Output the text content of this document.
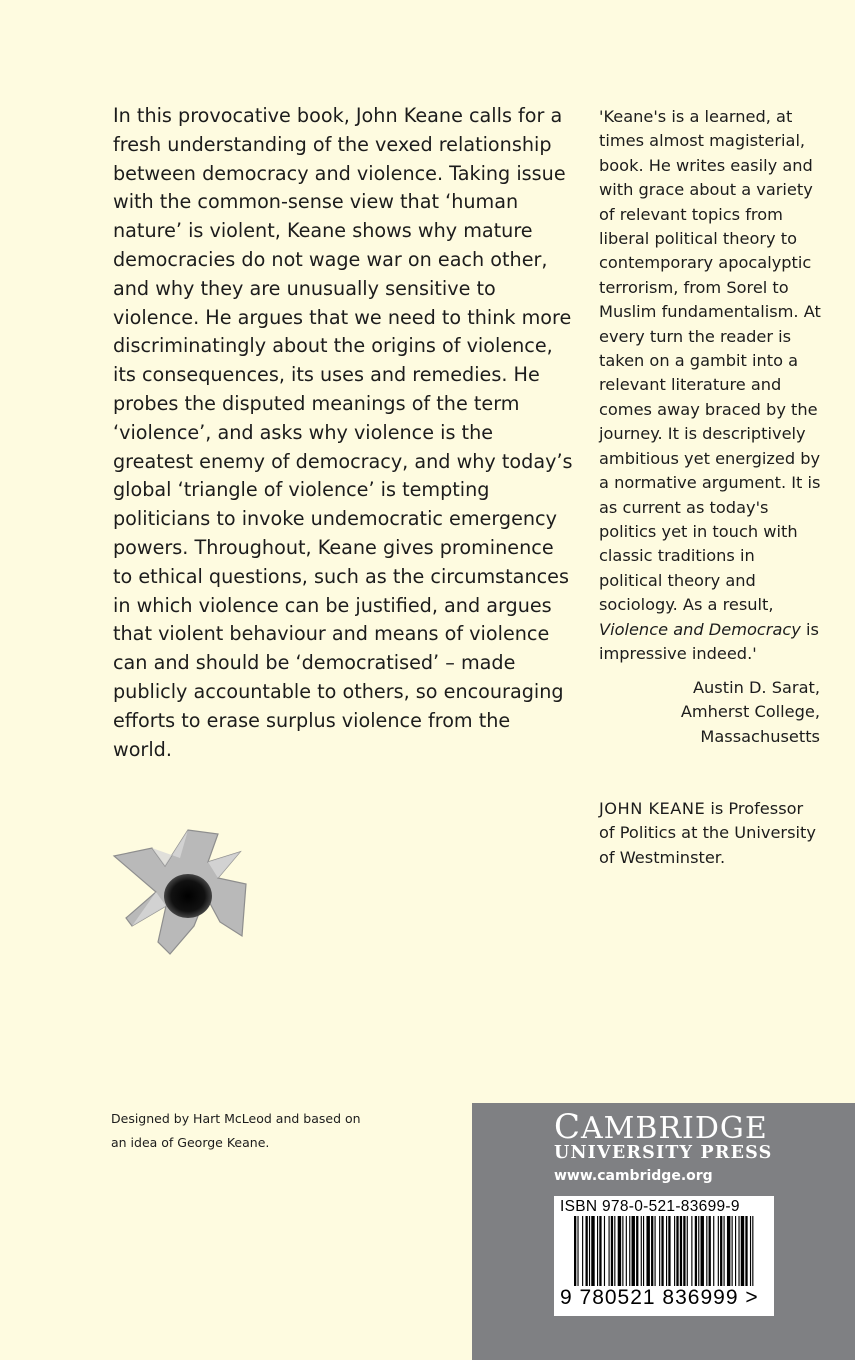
In this provocative book, John Keane calls for a fresh understanding of the vexed relationship between democracy and violence. Taking issue with the common-sense view that ‘human nature’ is violent, Keane shows why mature democracies do not wage war on each other, and why they are unusually sensitive to violence. He argues that we need to think more discriminatingly about the origins of violence, its consequences, its uses and remedies. He probes the disputed meanings of the term ‘violence’, and asks why violence is the greatest enemy of democracy, and why today’s global ‘triangle of violence’ is tempting politicians to invoke undemocratic emergency powers. Throughout, Keane gives prominence to ethical questions, such as the circumstances in which violence can be justified, and argues that violent behaviour and means of violence can and should be ‘democratised’ – made publicly accountable to others, so encouraging efforts to erase surplus violence from the world.

'Keane's is a learned, at times almost magisterial, book. He writes easily and with grace about a variety of relevant topics from liberal political theory to contemporary apocalyptic terrorism, from Sorel to Muslim fundamentalism. At every turn the reader is taken on a gambit into a relevant literature and comes away braced by the journey. It is descriptively ambitious yet energized by a normative argument. It is as current as today's politics yet in touch with classic traditions in political theory and sociology. As a result, Violence and Democracy is impressive indeed.'

Austin D. Sarat,
Amherst College,
Massachusetts

JOHN KEANE is Professor of Politics at the University of Westminster.

Designed by Hart McLeod and based on an idea of George Keane.	CAMBRIDGE
UNIVERSITY PRESS
www.cambridge.org
ISBN 978-0-521-83699-9
9 780521 836999 >
